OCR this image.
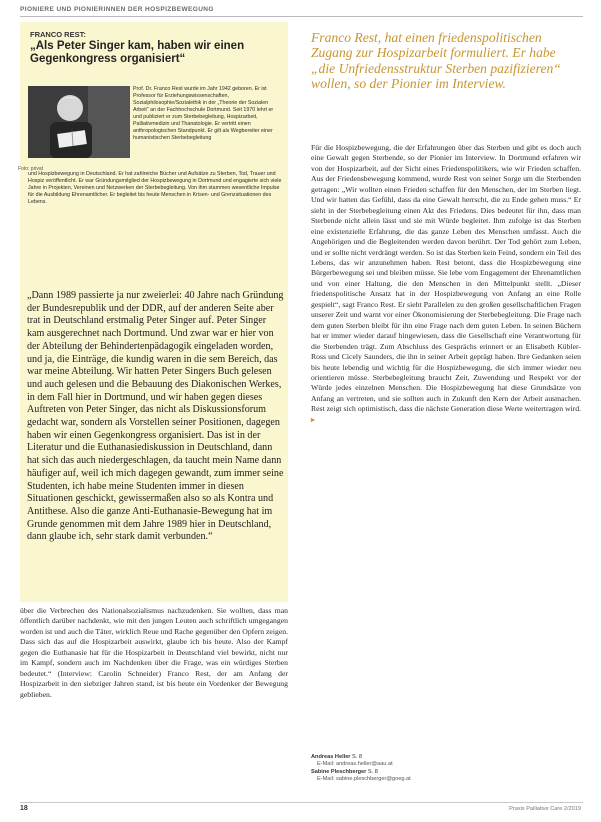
PIONIERE UND PIONIERINNEN DER HOSPIZBEWEGUNG
FRANCO REST:
„Als Peter Singer kam, haben wir einen Gegenkongress organisiert“
Foto: privat

Prof. Dr. Franco Rest wurde im Jahr 1942 geboren. Er ist Professor für Erziehungswissenschaften, Sozialphilosophie/Sozialethik in der „Theorie der Sozialen Arbeit“ an der Fachhochschule Dortmund. Seit 1970 lehrt er und publiziert er zum Sterbebegleitung, Hospizarbeit, Palliativmedizin und Thanatologie. Er vertritt einen anthropologischen Standpunkt. Er gilt als Wegbereiter einer humanistischen Sterbebegleitung

und Hospizbewegung in Deutschland. Er hat zahlreiche Bücher und Aufsätze zu Sterben, Tod, Trauer und Hospiz veröffentlicht. Er war Gründungsmitglied der Hospizbewegung in Dortmund und engagierte sich viele Jahre in Projekten, Vereinen und Netzwerken der Sterbebegleitung. Von ihm stammen wesentliche Impulse für die Ausbildung Ehrenamtlicher. Er begleitet bis heute Menschen in Krisen- und Grenzsituationen des Lebens.

„Dann 1989 passierte ja nur zweierlei: 40 Jahre nach Gründung der Bundesrepublik und der DDR, auf der anderen Seite aber trat in Deutschland erstmalig Peter Singer auf. Peter Singer kam ausgerechnet nach Dortmund. Und zwar war er hier von der Abteilung der Behindertenpädagogik eingeladen worden, und ja, die Einträge, die kundig waren in die sem Bereich, das war meine Abteilung. Wir hatten Peter Singers Buch gelesen und auch gelesen und die Bebauung des Diakonischen Werkes, in dem Fall hier in Dortmund, und wir haben gegen dieses Auftreten von Peter Singer, das nicht als Diskussionsforum gedacht war, sondern als Vorstellen seiner Positionen, dagegen haben wir einen Gegenkongress organisiert. Das ist in der Literatur und die Euthanasiediskussion in Deutschland, dann hat sich das auch niedergeschlagen, da taucht mein Name dann häufiger auf, weil ich mich dagegen gewandt, zum immer seine Studenten, ich habe meine Studenten immer in diesen Situationen geschickt, gewissermaßen also so als Kontra und Antithese. Also die ganze Anti-Euthanasie-Bewegung hat im Grunde genommen mit dem Jahre 1989 hier in Deutschland, dann glaube ich, sehr stark damit verbunden.“

Franco Rest, hat einen friedenspolitischen Zugang zur Hospizarbeit formuliert. Er habe „die Unfriedensstruktur Sterben pazifizieren“ wollen, so der Pionier im Interview.

Für die Hospizbewegung, die der Erfahrungen über das Sterben und gibt es doch auch eine Gewalt gegen Sterbende, so der Pionier im Interview. In Dortmund erfahren wir von der Hospizarbeit, auf der Sicht eines Friedenspolitikers, wie wir Frieden schaffen. Aus der Friedensbewegung kommend, wurde Rest von seiner Sorge um die Sterbenden getragen: „Wir wollten einen Frieden schaffen für den Menschen, der im Sterben liegt. Und wir hatten das Gefühl, dass da eine Gewalt herrscht, die zu Ende gehen muss.“ Er sieht in der Sterbebegleitung einen Akt des Friedens. Dies bedeutet für ihn, dass man Sterbende nicht allein lässt und sie mit Würde begleitet. Ihm zufolge ist das Sterben eine existenzielle Erfahrung, die das ganze Leben des Menschen umfasst. Auch die Angehörigen und die Begleitenden werden davon berührt. Der Tod gehört zum Leben, und er sollte nicht verdrängt werden. So ist das Sterben kein Feind, sondern ein Teil des Lebens, das wir anzunehmen haben. Rest betont, dass die Hospizbewegung eine Bürgerbewegung sei und bleiben müsse. Sie lebe vom Engagement der Ehrenamtlichen und von einer Haltung, die den Menschen in den Mittelpunkt stellt. „Dieser friedenspolitische Ansatz hat in der Hospizbewegung von Anfang an eine Rolle gespielt“, sagt Franco Rest. Er sieht Parallelen zu den großen gesellschaftlichen Fragen unserer Zeit und warnt vor einer Ökonomisierung der Sterbebegleitung. Die Frage nach dem guten Sterben bleibt für ihn eine Frage nach dem guten Leben. In seinen Büchern hat er immer wieder darauf hingewiesen, dass die Gesellschaft eine Verantwortung für die Sterbenden trägt. Zum Abschluss des Gesprächs erinnert er an Elisabeth Kübler-Ross und Cicely Saunders, die ihn in seiner Arbeit geprägt haben. Ihre Gedanken seien bis heute lebendig und wichtig für die Hospizbewegung, die sich immer wieder neu orientieren müsse. Sterbebegleitung braucht Zeit, Zuwendung und Respekt vor der Würde jedes einzelnen Menschen. Die Hospizbewegung hat diese Grundsätze von Anfang an vertreten, und sie sollten auch in Zukunft den Kern der Arbeit ausmachen. Rest zeigt sich optimistisch, dass die nächste Generation diese Werte weitertragen wird. ▸

über die Verbrechen des Nationalsozialismus nachzudenken. Sie wollten, dass man öffentlich darüber nachdenkt, wie mit den jungen Leuten auch schriftlich umgegangen worden ist und auch die Täter, wirklich Reue und Rache gegenüber den Opfern zeigen. Dass sich das auf die Hospizarbeit auswirkt, glaube ich bis heute. Also der Kampf gegen die Euthanasie hat für die Hospizarbeit in Deutschland viel bewirkt, nicht nur im Kampf, sondern auch im Nachdenken über die Frage, was ein würdiges Sterben bedeutet.“ (Interview: Carolin Schneider) Franco Rest, der am Anfang der Hospizarbeit in den siebziger Jahren stand, ist bis heute ein Vordenker der Bewegung geblieben.

Andreas Heller S. 8
E-Mail: andreas.heller@aau.at
Sabine Pleschberger S. 8
E-Mail: sabine.pleschberger@goeg.at
18	Praxis Palliative Care 2/2019
